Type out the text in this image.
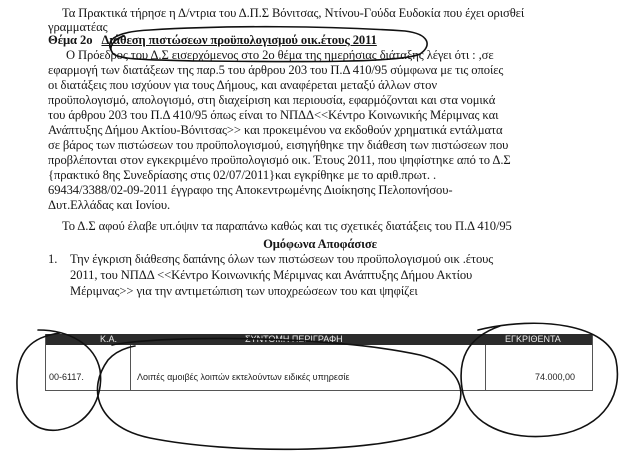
Τα Πρακτικά τήρησε η Δ/ντρια του Δ.Π.Σ Βόνιτσας, Ντίνου-Γούδα Ευδοκία που έχει ορισθεί
γραμματέας
Θέμα 2ο Διάθεση πιστώσεων προϋπολογισμού οικ.έτους 2011
Ο Πρόεδρος του Δ.Σ εισερχόμενος στο 2ο θέμα της ημερήσιας διάταξης λέγει ότι : ,σε
εφαρμογή των διατάξεων της παρ.5 του άρθρου 203 του Π.Δ 410/95 σύμφωνα με τις οποίες
οι διατάξεις που ισχύουν για τους Δήμους, και αναφέρεται μεταξύ άλλων στον
προϋπολογισμό, απολογισμό, στη διαχείριση και περιουσία, εφαρμόζονται και στα νομικά
του άρθρου 203 του Π.Δ 410/95 όπως είναι το ΝΠΔΔ<<Κέντρο Κοινωνικής Μέριμνας και
Ανάπτυξης Δήμου Ακτίου-Βόνιτσας>> και προκειμένου να εκδοθούν χρηματικά εντάλματα
σε βάρος των πιστώσεων του προϋπολογισμού, εισηγήθηκε την διάθεση των πιστώσεων που
προβλέπονται στον εγκεκριμένο προϋπολογισμό οικ. Έτους 2011, που ψηφίστηκε από το Δ.Σ
{πρακτικό 8ης Συνεδρίασης στις 02/07/2011}και εγκρίθηκε με το αριθ.πρωτ. .
69434/3388/02-09-2011 έγγραφο της Αποκεντρωμένης Διοίκησης Πελοπονήσου-
Δυτ.Ελλάδας και Ιονίου.
Το Δ.Σ αφού έλαβε υπ.όψιν τα παραπάνω καθώς και τις σχετικές διατάξεις του Π.Δ 410/95
Ομόφωνα Αποφάσισε
1. Την έγκριση διάθεσης δαπάνης όλων των πιστώσεων του προϋπολογισμού οικ .έτους
2011, του ΝΠΔΔ <<Κέντρο Κοινωνικής Μέριμνας και Ανάπτυξης Δήμου Ακτίου
Μέριμνας>> για την αντιμετώπιση των υποχρεώσεων του και ψηφίζει
Κ.Α.	ΣΥΝΤΟΜΗ ΠΕΡΙΓΡΑΦΗ	ΕΓΚΡΙΘΕΝΤΑ
00-6117.	Λοιπές αμοιβές λοιπών εκτελούντων ειδικές υπηρεσίε	74.000,00
